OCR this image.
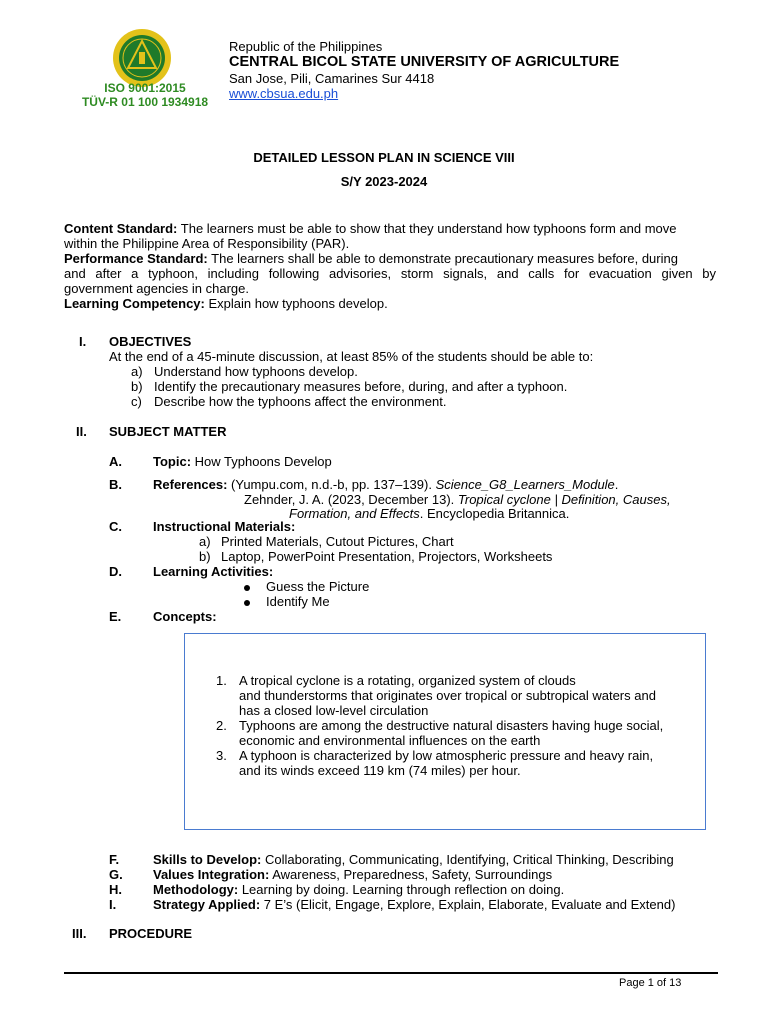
ISO 9001:2015
TÜV-R 01 100 1934918
Republic of the Philippines
CENTRAL BICOL STATE UNIVERSITY OF AGRICULTURE
San Jose, Pili, Camarines Sur 4418
www.cbsua.edu.ph
DETAILED LESSON PLAN IN SCIENCE VIII
S/Y 2023-2024
Content Standard: The learners must be able to show that they understand how typhoons form and move
within the Philippine Area of Responsibility (PAR).
Performance Standard: The learners shall be able to demonstrate precautionary measures before, during
and after a typhoon, including following advisories, storm signals, and calls for evacuation given by
government agencies in charge.
Learning Competency: Explain how typhoons develop.
I. OBJECTIVES
At the end of a 45-minute discussion, at least 85% of the students should be able to:
a) Understand how typhoons develop.
b) Identify the precautionary measures before, during, and after a typhoon.
c) Describe how the typhoons affect the environment.
II. SUBJECT MATTER
A. Topic: How Typhoons Develop
B. References: (Yumpu.com, n.d.-b, pp. 137–139). Science_G8_Learners_Module.
Zehnder, J. A. (2023, December 13). Tropical cyclone | Definition, Causes,
Formation, and Effects. Encyclopedia Britannica.
C. Instructional Materials:
a) Printed Materials, Cutout Pictures, Chart
b) Laptop, PowerPoint Presentation, Projectors, Worksheets
D. Learning Activities:
Guess the Picture
Identify Me
E. Concepts:
1. A tropical cyclone is a rotating, organized system of clouds
and thunderstorms that originates over tropical or subtropical waters and
has a closed low-level circulation
2. Typhoons are among the destructive natural disasters having huge social,
economic and environmental influences on the earth
3. A typhoon is characterized by low atmospheric pressure and heavy rain,
and its winds exceed 119 km (74 miles) per hour.
F.	Skills to Develop: Collaborating, Communicating, Identifying, Critical Thinking, Describing
G. Values Integration: Awareness, Preparedness, Safety, Surroundings
H. Methodology: Learning by doing. Learning through reflection on doing.
I.	Strategy Applied: 7 E’s (Elicit, Engage, Explore, Explain, Elaborate, Evaluate and Extend)
III. PROCEDURE
Page 1 of 13
